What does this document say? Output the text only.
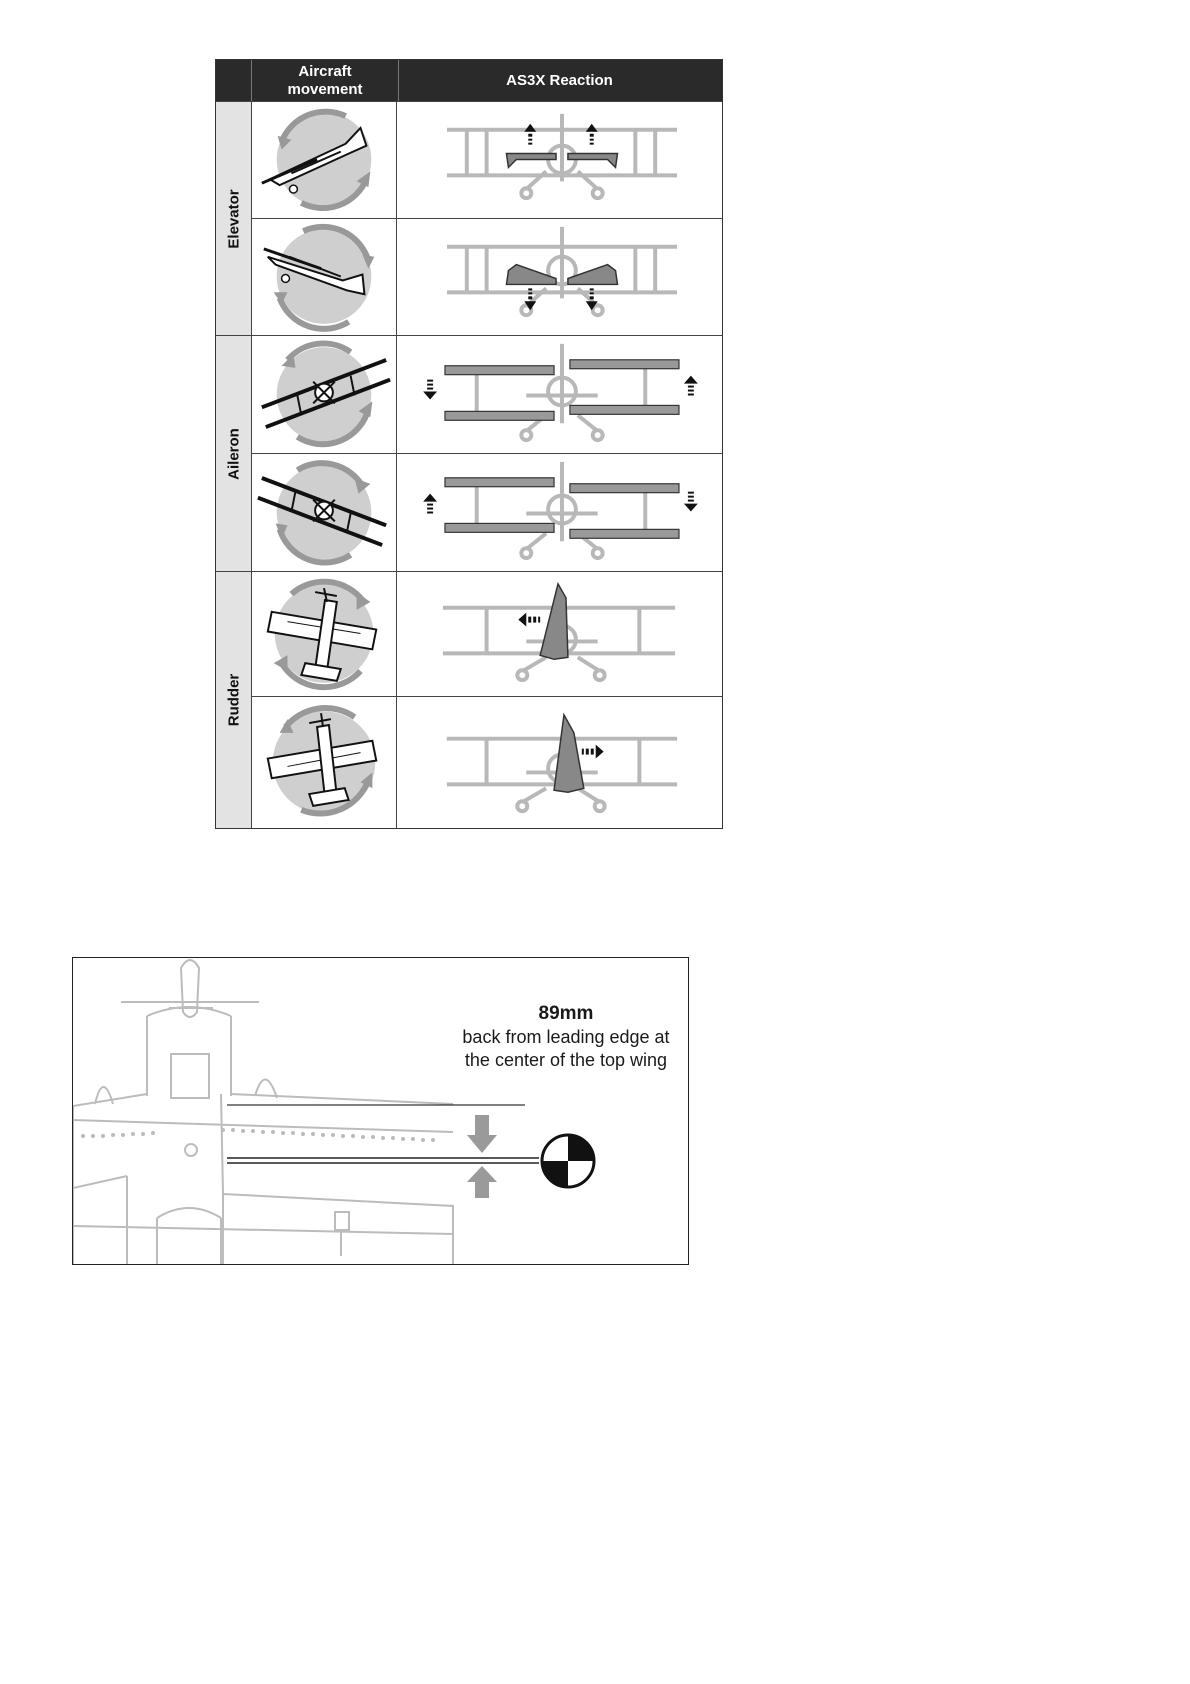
Aircraft
movement	AS3X Reaction
Elevator
Aileron
Rudder
89mm
back from leading edge at
the center of the top wing
